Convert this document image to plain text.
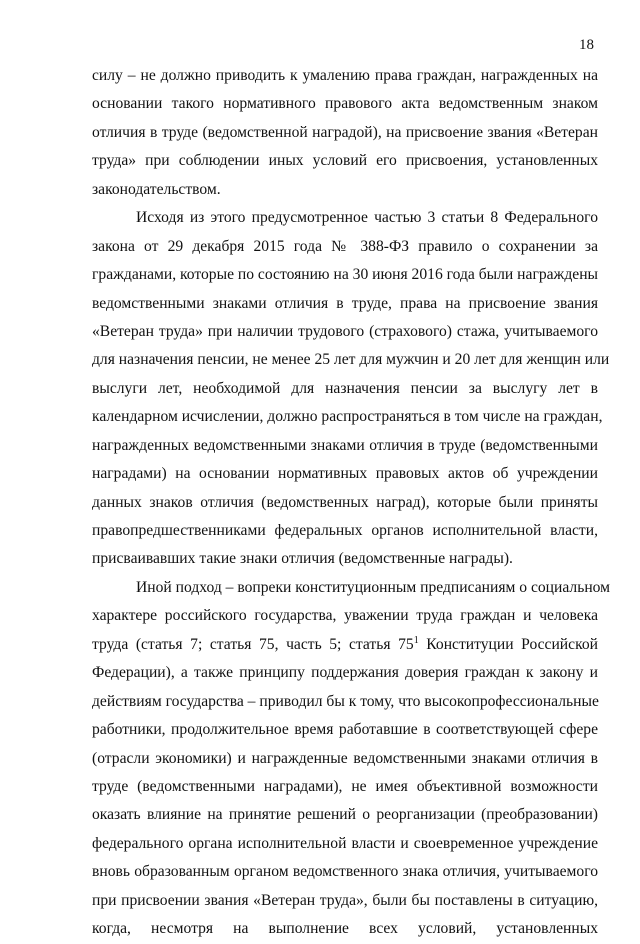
18
силу – не должно приводить к умалению права граждан, награжденных на
основании такого нормативного правового акта ведомственным знаком
отличия в труде (ведомственной наградой), на присвоение звания «Ветеран
труда» при соблюдении иных условий его присвоения, установленных
законодательством.
Исходя из этого предусмотренное частью 3 статьи 8 Федерального
закона от 29 декабря 2015 года № 388-ФЗ правило о сохранении за
гражданами, которые по состоянию на 30 июня 2016 года были награждены
ведомственными знаками отличия в труде, права на присвоение звания
«Ветеран труда» при наличии трудового (страхового) стажа, учитываемого
для назначения пенсии, не менее 25 лет для мужчин и 20 лет для женщин или
выслуги лет, необходимой для назначения пенсии за выслугу лет в
календарном исчислении, должно распространяться в том числе на граждан,
награжденных ведомственными знаками отличия в труде (ведомственными
наградами) на основании нормативных правовых актов об учреждении
данных знаков отличия (ведомственных наград), которые были приняты
правопредшественниками федеральных органов исполнительной власти,
присваивавших такие знаки отличия (ведомственные награды).
Иной подход – вопреки конституционным предписаниям о социальном
характере российского государства, уважении труда граждан и человека
труда (статья 7; статья 75, часть 5; статья $75^1$ Конституции Российской
Федерации), а также принципу поддержания доверия граждан к закону и
действиям государства – приводил бы к тому, что высокопрофессиональные
работники, продолжительное время работавшие в соответствующей сфере
(отрасли экономики) и награжденные ведомственными знаками отличия в
труде (ведомственными наградами), не имея объективной возможности
оказать влияние на принятие решений о реорганизации (преобразовании)
федерального органа исполнительной власти и своевременное учреждение
вновь образованным органом ведомственного знака отличия, учитываемого
при присвоении звания «Ветеран труда», были бы поставлены в ситуацию,
когда, несмотря на выполнение всех условий, установленных
